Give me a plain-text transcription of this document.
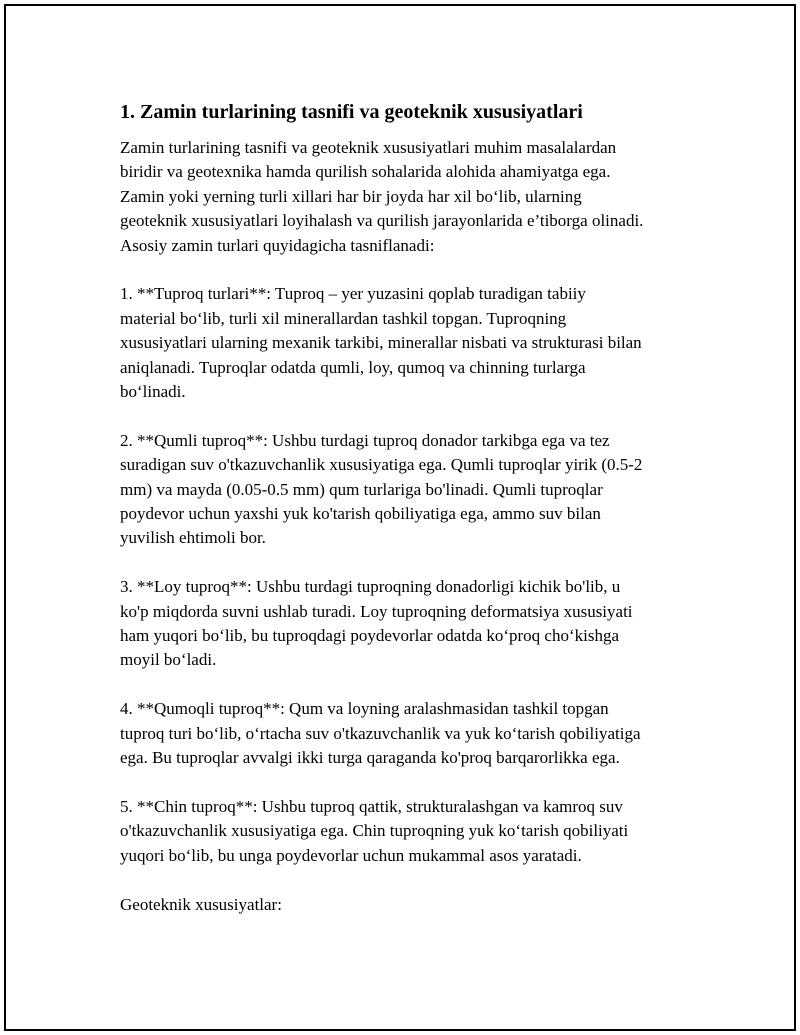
1. Zamin turlarining tasnifi va geoteknik xususiyatlari
Zamin turlarining tasnifi va geoteknik xususiyatlari muhim masalalardan
biridir va geotexnika hamda qurilish sohalarida alohida ahamiyatga ega.
Zamin yoki yerning turli xillari har bir joyda har xil bo‘lib, ularning
geoteknik xususiyatlari loyihalash va qurilish jarayonlarida e’tiborga olinadi.
Asosiy zamin turlari quyidagicha tasniflanadi:
1. **Tuproq turlari**: Tuproq – yer yuzasini qoplab turadigan tabiiy
material bo‘lib, turli xil minerallardan tashkil topgan. Tuproqning
xususiyatlari ularning mexanik tarkibi, minerallar nisbati va strukturasi bilan
aniqlanadi. Tuproqlar odatda qumli, loy, qumoq va chinning turlarga
bo‘linadi.
2. **Qumli tuproq**: Ushbu turdagi tuproq donador tarkibga ega va tez
suradigan suv o'tkazuvchanlik xususiyatiga ega. Qumli tuproqlar yirik (0.5-2
mm) va mayda (0.05-0.5 mm) qum turlariga bo'linadi. Qumli tuproqlar
poydevor uchun yaxshi yuk ko'tarish qobiliyatiga ega, ammo suv bilan
yuvilish ehtimoli bor.
3. **Loy tuproq**: Ushbu turdagi tuproqning donadorligi kichik bo'lib, u
ko'p miqdorda suvni ushlab turadi. Loy tuproqning deformatsiya xususiyati
ham yuqori bo‘lib, bu tuproqdagi poydevorlar odatda ko‘proq cho‘kishga
moyil bo‘ladi.
4. **Qumoqli tuproq**: Qum va loyning aralashmasidan tashkil topgan
tuproq turi bo‘lib, o‘rtacha suv o'tkazuvchanlik va yuk ko‘tarish qobiliyatiga
ega. Bu tuproqlar avvalgi ikki turga qaraganda ko'proq barqarorlikka ega.
5. **Chin tuproq**: Ushbu tuproq qattik, strukturalashgan va kamroq suv
o'tkazuvchanlik xususiyatiga ega. Chin tuproqning yuk ko‘tarish qobiliyati
yuqori bo‘lib, bu unga poydevorlar uchun mukammal asos yaratadi.
Geoteknik xususiyatlar:
